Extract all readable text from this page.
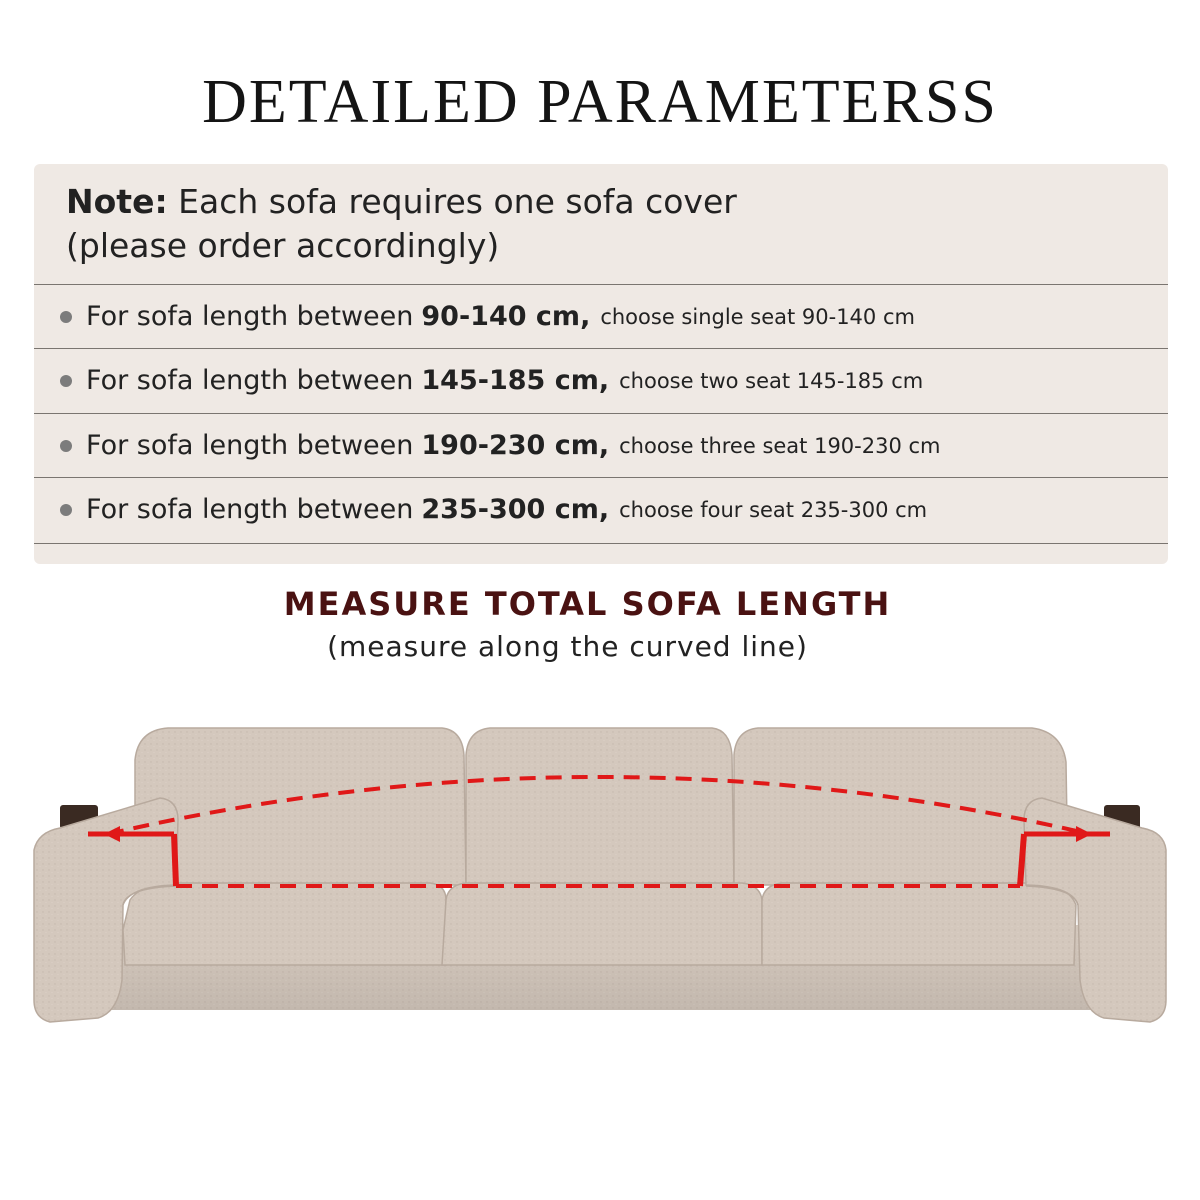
DETAILED PARAMETERSS
Note: Each sofa requires one sofa cover
(please order accordingly)
For sofa length between 90-140 cm, choose single seat 90-140 cm
For sofa length between 145-185 cm, choose two seat 145-185 cm
For sofa length between 190-230 cm, choose three seat 190-230 cm
For sofa length between 235-300 cm, choose four seat 235-300 cm
MEASURE TOTAL SOFA LENGTH
(measure along the curved line)
